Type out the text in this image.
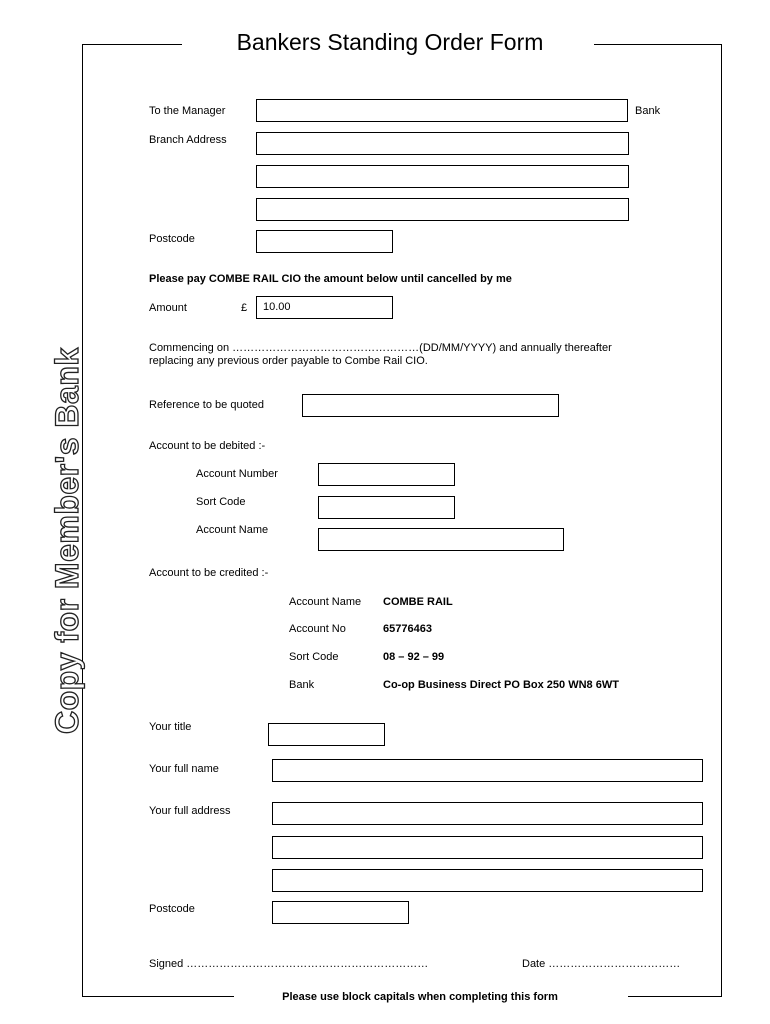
Bankers Standing Order Form
Please use block capitals when completing this form
Copy for Member's Bank
To the Manager	Bank
Branch Address
Postcode
Please pay COMBE RAIL CIO the amount below until cancelled by me
Amount	£	10.00
Commencing on ……………………………………………(DD/MM/YYYY) and annually thereafter
replacing any previous order payable to Combe Rail CIO.
Reference to be quoted
Account to be debited :-
Account Number
Sort Code
Account Name
Account to be credited :-
Account Name COMBE RAIL
Account No	65776463
Sort Code	08 – 92 – 99
Bank	Co-op Business Direct PO Box 250 WN8 6WT
Your title
Your full name
Your full address
Postcode
Signed …………………………………………………………	Date ………………………………
